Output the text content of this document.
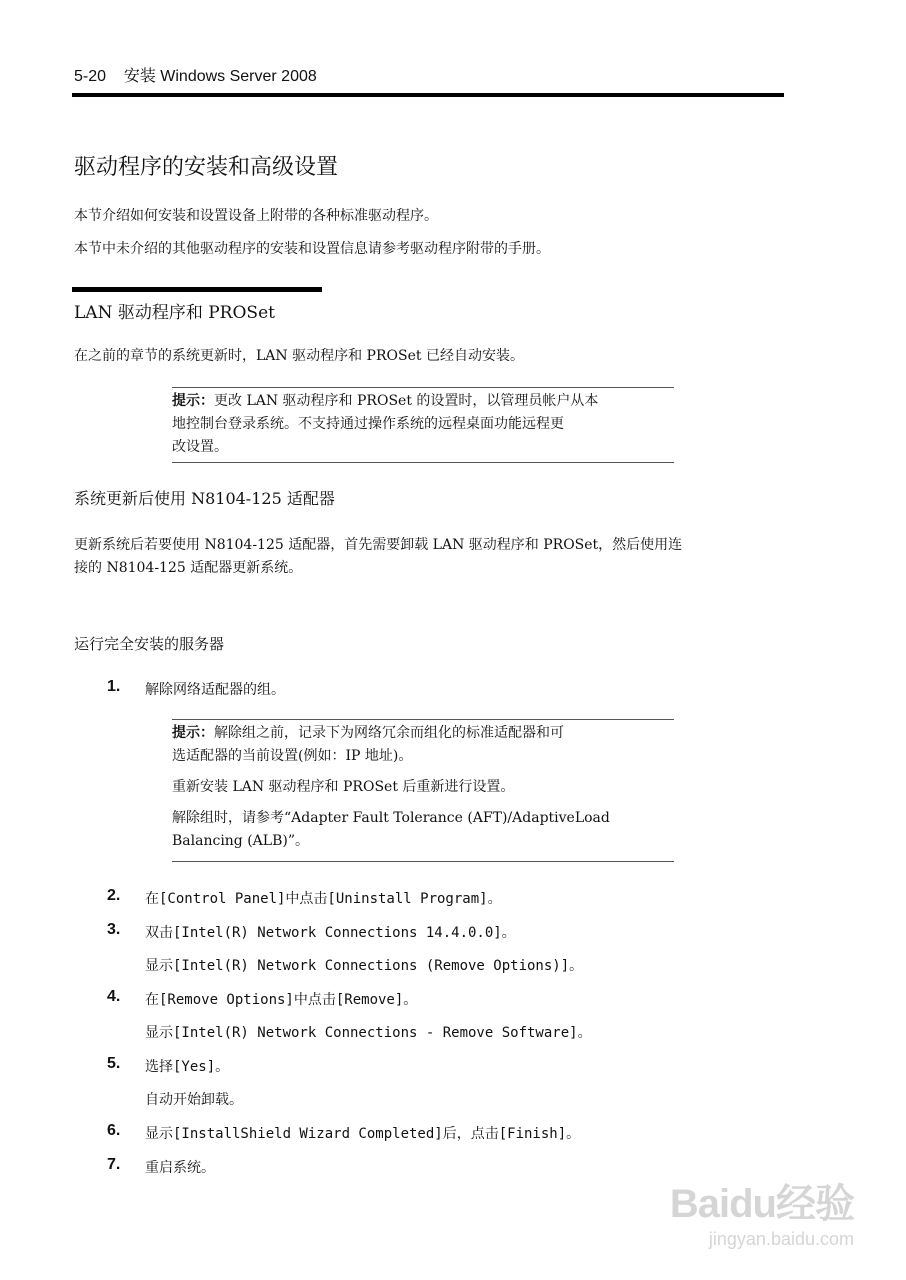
5-20 安装 Windows Server 2008
驱动程序的安装和高级设置
本节介绍如何安装和设置设备上附带的各种标准驱动程序。
本节中未介绍的其他驱动程序的安装和设置信息请参考驱动程序附带的手册。
LAN 驱动程序和 PROSet
在之前的章节的系统更新时，LAN 驱动程序和 PROSet 已经自动安装。

提示：更改 LAN 驱动程序和 PROSet 的设置时，以管理员帐户从本

地控制台登录系统。不支持通过操作系统的远程桌面功能远程更

改设置。

系统更新后使用 N8104-125 适配器
更新系统后若要使用 N8104-125 适配器，首先需要卸载 LAN 驱动程序和 PROSet，然后使用连
接的 N8104-125 适配器更新系统。
运行完全安装的服务器
1.	解除网络适配器的组。

提示：解除组之前，记录下为网络冗余而组化的标准适配器和可

选适配器的当前设置(例如：IP 地址)。

重新安装 LAN 驱动程序和 PROSet 后重新进行设置。

解除组时，请参考“Adapter Fault Tolerance (AFT)/AdaptiveLoad

Balancing (ALB)”。

2.	在[Control Panel]中点击[Uninstall Program]。
3.	双击[Intel(R) Network Connections 14.4.0.0]。
显示[Intel(R) Network Connections (Remove Options)]。
4.	在[Remove Options]中点击[Remove]。
显示[Intel(R) Network Connections - Remove Software]。
5.	选择[Yes]。
自动开始卸载。
6.	显示[InstallShield Wizard Completed]后，点击[Finish]。
7.	重启系统。
Baidu经验
jingyan.baidu.com
